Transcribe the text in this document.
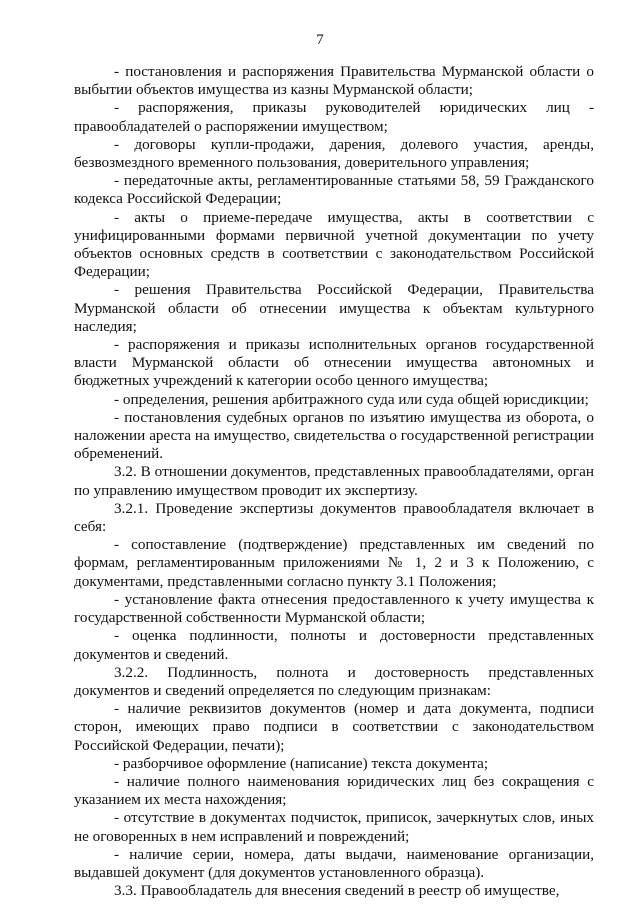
7

- постановления и распоряжения Правительства Мурманской области о выбытии объектов имущества из казны Мурманской области;

- распоряжения, приказы руководителей юридических лиц - правообладателей о распоряжении имуществом;

- договоры купли-продажи, дарения, долевого участия, аренды, безвозмездного временного пользования, доверительного управления;

- передаточные акты, регламентированные статьями 58, 59 Гражданского кодекса Российской Федерации;

- акты о приеме-передаче имущества, акты в соответствии с унифицированными формами первичной учетной документации по учету объектов основных средств в соответствии с законодательством Российской Федерации;

- решения Правительства Российской Федерации, Правительства Мурманской области об отнесении имущества к объектам культурного наследия;

- распоряжения и приказы исполнительных органов государственной власти Мурманской области об отнесении имущества автономных и бюджетных учреждений к категории особо ценного имущества;

- определения, решения арбитражного суда или суда общей юрисдикции;

- постановления судебных органов по изъятию имущества из оборота, о наложении ареста на имущество, свидетельства о государственной регистрации обременений.

3.2. В отношении документов, представленных правообладателями, орган по управлению имуществом проводит их экспертизу.

3.2.1. Проведение экспертизы документов правообладателя включает в себя:

- сопоставление (подтверждение) представленных им сведений по формам, регламентированным приложениями № 1, 2 и 3 к Положению, с документами, представленными согласно пункту 3.1 Положения;

- установление факта отнесения предоставленного к учету имущества к государственной собственности Мурманской области;

- оценка подлинности, полноты и достоверности представленных документов и сведений.

3.2.2. Подлинность, полнота и достоверность представленных документов и сведений определяется по следующим признакам:

- наличие реквизитов документов (номер и дата документа, подписи сторон, имеющих право подписи в соответствии с законодательством Российской Федерации, печати);

- разборчивое оформление (написание) текста документа;

- наличие полного наименования юридических лиц без сокращения с указанием их места нахождения;

- отсутствие в документах подчисток, приписок, зачеркнутых слов, иных не оговоренных в нем исправлений и повреждений;

- наличие серии, номера, даты выдачи, наименование организации, выдавшей документ (для документов установленного образца).

3.3. Правообладатель для внесения сведений в реестр об имуществе,
